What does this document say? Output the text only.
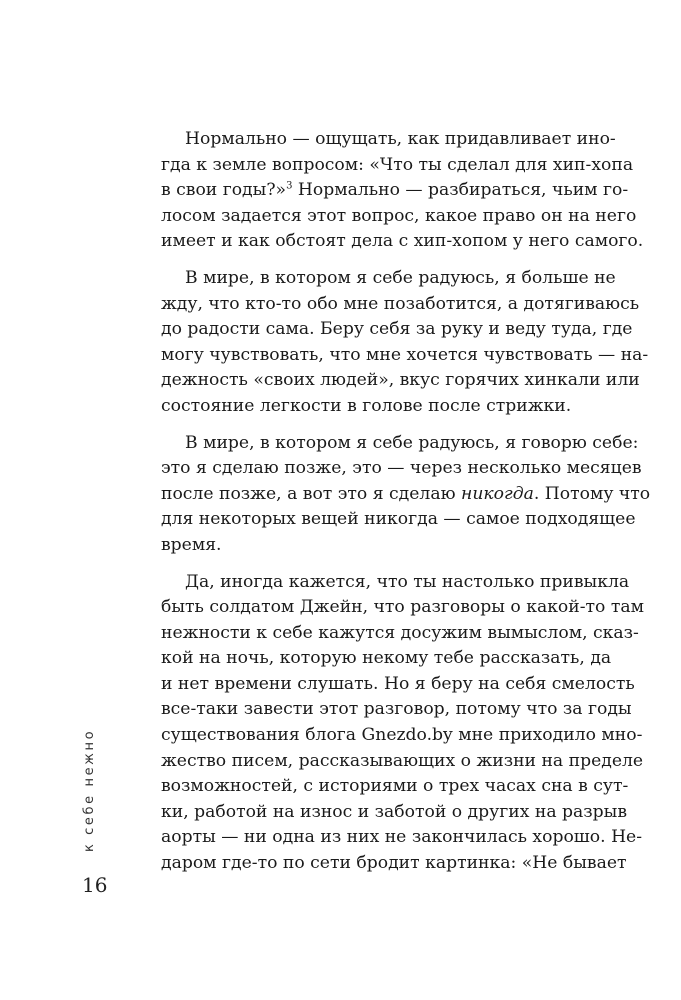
Нормально — ощущать, как придавливает ино-
гда к земле вопросом: «Что ты сделал для хип-хопа
в свои годы?»$^3$ Нормально — разбираться, чьим го-
лосом задается этот вопрос, какое право он на него
имеет и как обстоят дела с хип-хопом у него самого.

В мире, в котором я себе радуюсь, я больше не
жду, что кто-то обо мне позаботится, а дотягиваюсь
до радости сама. Беру себя за руку и веду туда, где
могу чувствовать, что мне хочется чувствовать — на-
дежность «своих людей», вкус горячих хинкали или
состояние легкости в голове после стрижки.

В мире, в котором я себе радуюсь, я говорю себе:
это я сделаю позже, это — через несколько месяцев
после позже, а вот это я сделаю никогда. Потому что
для некоторых вещей никогда — самое подходящее
время.

Да, иногда кажется, что ты настолько привыкла
быть солдатом Джейн, что разговоры о какой-то там
нежности к себе кажутся досужим вымыслом, сказ-
кой на ночь, которую некому тебе рассказать, да
и нет времени слушать. Но я беру на себя смелость
все-таки завести этот разговор, потому что за годы
существования блога Gnezdo.by мне приходило мно-
жество писем, рассказывающих о жизни на пределе
возможностей, с историями о трех часах сна в сут-
ки, работой на износ и заботой о других на разрыв
аорты — ни одна из них не закончилась хорошо. Не-
даром где-то по сети бродит картинка: «Не бывает

к себе нежно
16
